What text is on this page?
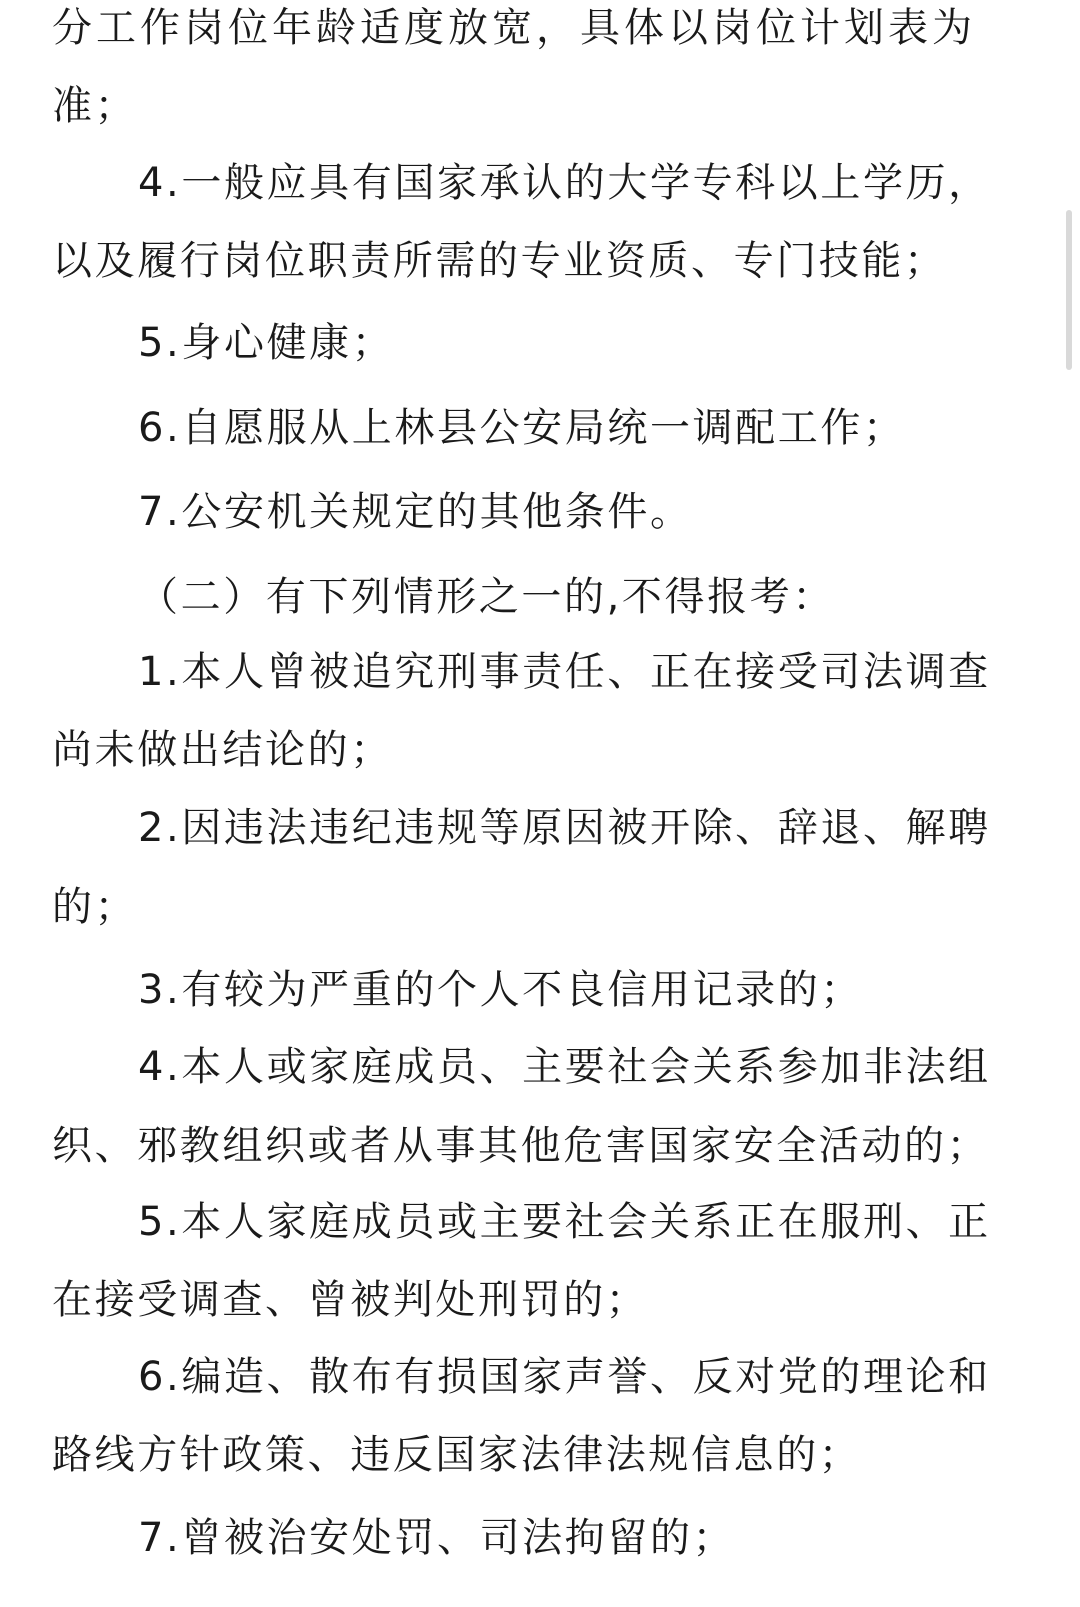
分工作岗位年龄适度放宽，具体以岗位计划表为
准；
4.一般应具有国家承认的大学专科以上学历，
以及履行岗位职责所需的专业资质、专门技能；
5.身心健康；
6.自愿服从上林县公安局统一调配工作；
7.公安机关规定的其他条件。
（二）有下列情形之一的,不得报考：
1.本人曾被追究刑事责任、正在接受司法调查
尚未做出结论的；
2.因违法违纪违规等原因被开除、辞退、解聘
的；
3.有较为严重的个人不良信用记录的；
4.本人或家庭成员、主要社会关系参加非法组
织、邪教组织或者从事其他危害国家安全活动的；
5.本人家庭成员或主要社会关系正在服刑、正
在接受调查、曾被判处刑罚的；
6.编造、散布有损国家声誉、反对党的理论和
路线方针政策、违反国家法律法规信息的；
7.曾被治安处罚、司法拘留的；
